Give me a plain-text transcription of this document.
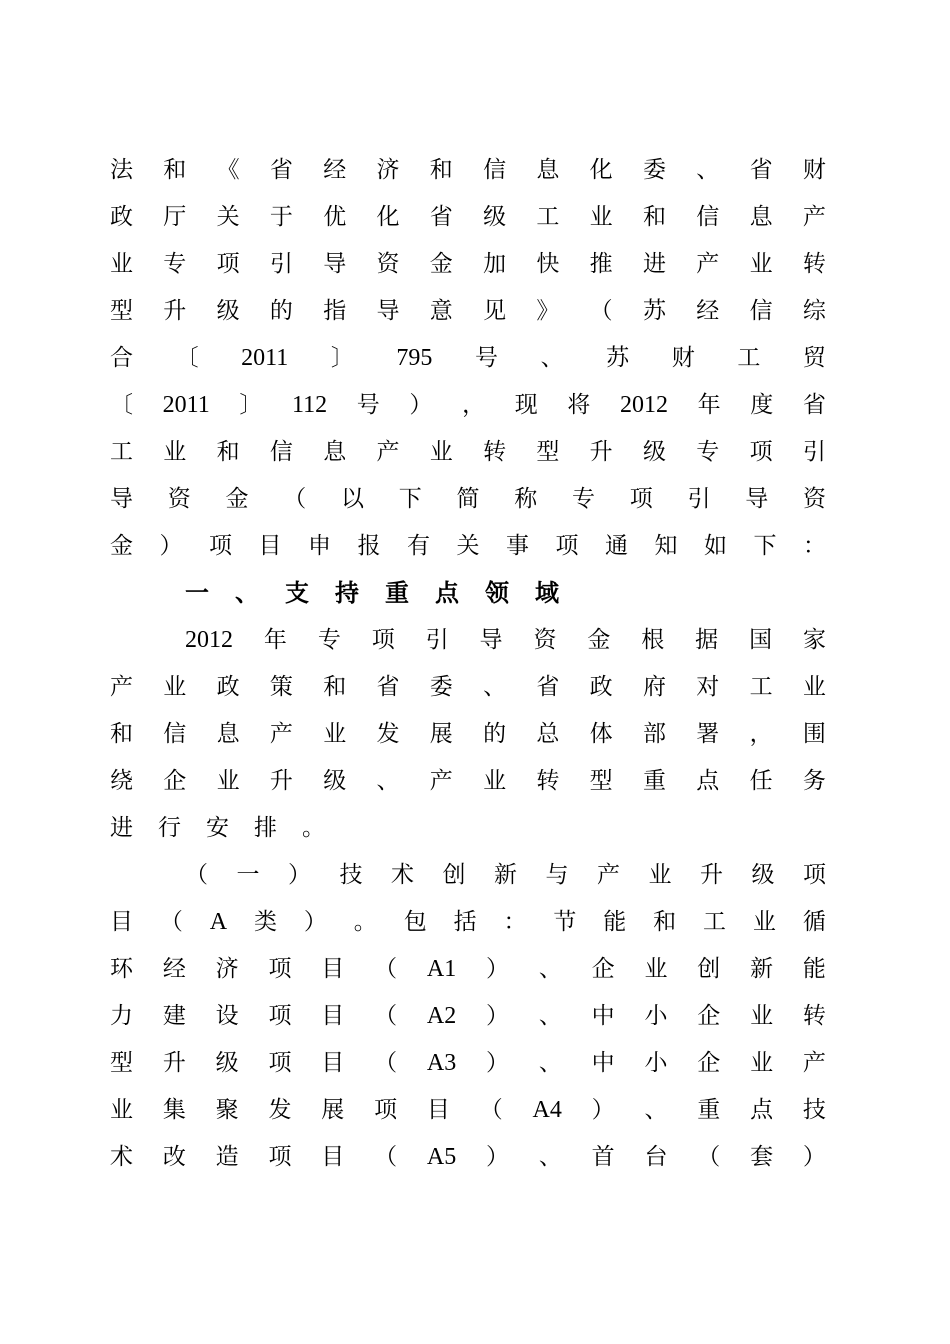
法 和 《 省 经 济 和 信 息 化 委 、 省 财
政 厅 关 于 优 化 省 级 工 业 和 信 息 产
业 专 项 引 导 资 金 加 快 推 进 产 业 转
型 升 级 的 指 导 意 见 》 （ 苏 经 信 综
合 〔 2011 〕 795 号 、 苏 财 工 贸
〔 2011 〕 112 号 ） ， 现 将 2012 年 度 省
工 业 和 信 息 产 业 转 型 升 级 专 项 引
导 资 金 （ 以 下 简 称 专 项 引 导 资
金 ） 项 目 申 报 有 关 事 项 通 知 如 下 ：
一 、 支 持 重 点 领 域
2012 年 专 项 引 导 资 金 根 据 国 家
产 业 政 策 和 省 委 、 省 政 府 对 工 业
和 信 息 产 业 发 展 的 总 体 部 署 ， 围
绕 企 业 升 级 、 产 业 转 型 重 点 任 务
进 行 安 排 。
（ 一 ） 技 术 创 新 与 产 业 升 级 项
目 （ A 类 ） 。 包 括 ： 节 能 和 工 业 循
环 经 济 项 目 （ A1 ） 、 企 业 创 新 能
力 建 设 项 目 （ A2 ） 、 中 小 企 业 转
型 升 级 项 目 （ A3 ） 、 中 小 企 业 产
业 集 聚 发 展 项 目 （ A4 ） 、 重 点 技
术 改 造 项 目 （ A5 ） 、 首 台 （ 套 ）
